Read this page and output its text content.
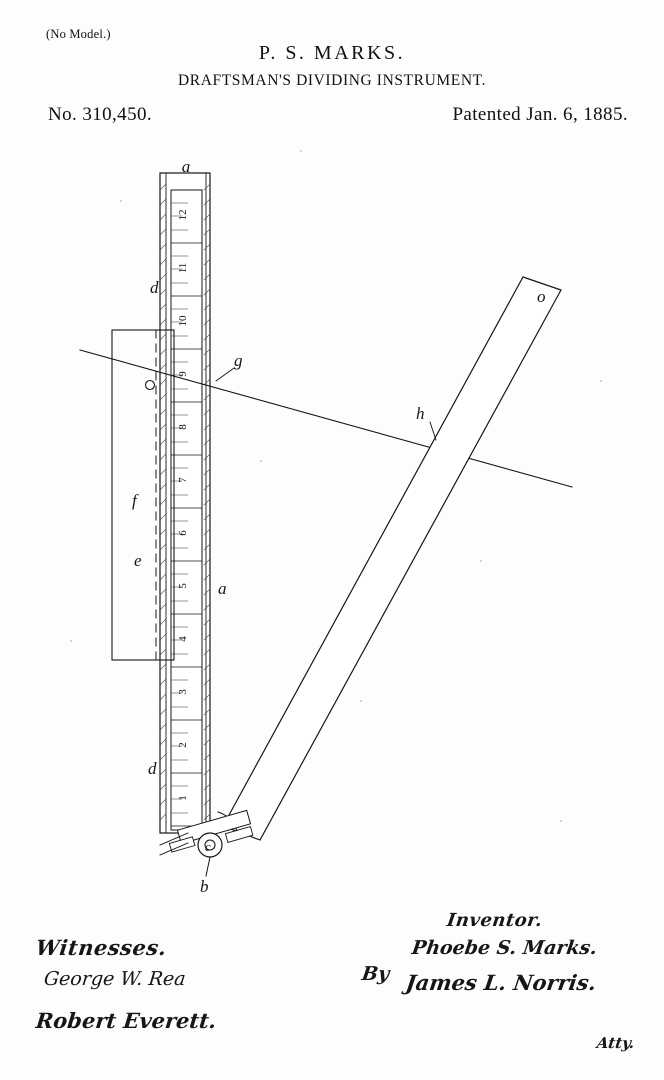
(No Model.)
P. S. MARKS.
DRAFTSMAN'S DIVIDING INSTRUMENT.
No. 310,450.	Patented Jan. 6, 1885.
12
11
10
9
8
7
6
5
4
3
2
1
a
d
g
o
h
f
e
a
d
c
b
Witnesses.
George W. Rea
Robert Everett.
Inventor.
Phoebe S. Marks.
By James L. Norris.
Atty.
